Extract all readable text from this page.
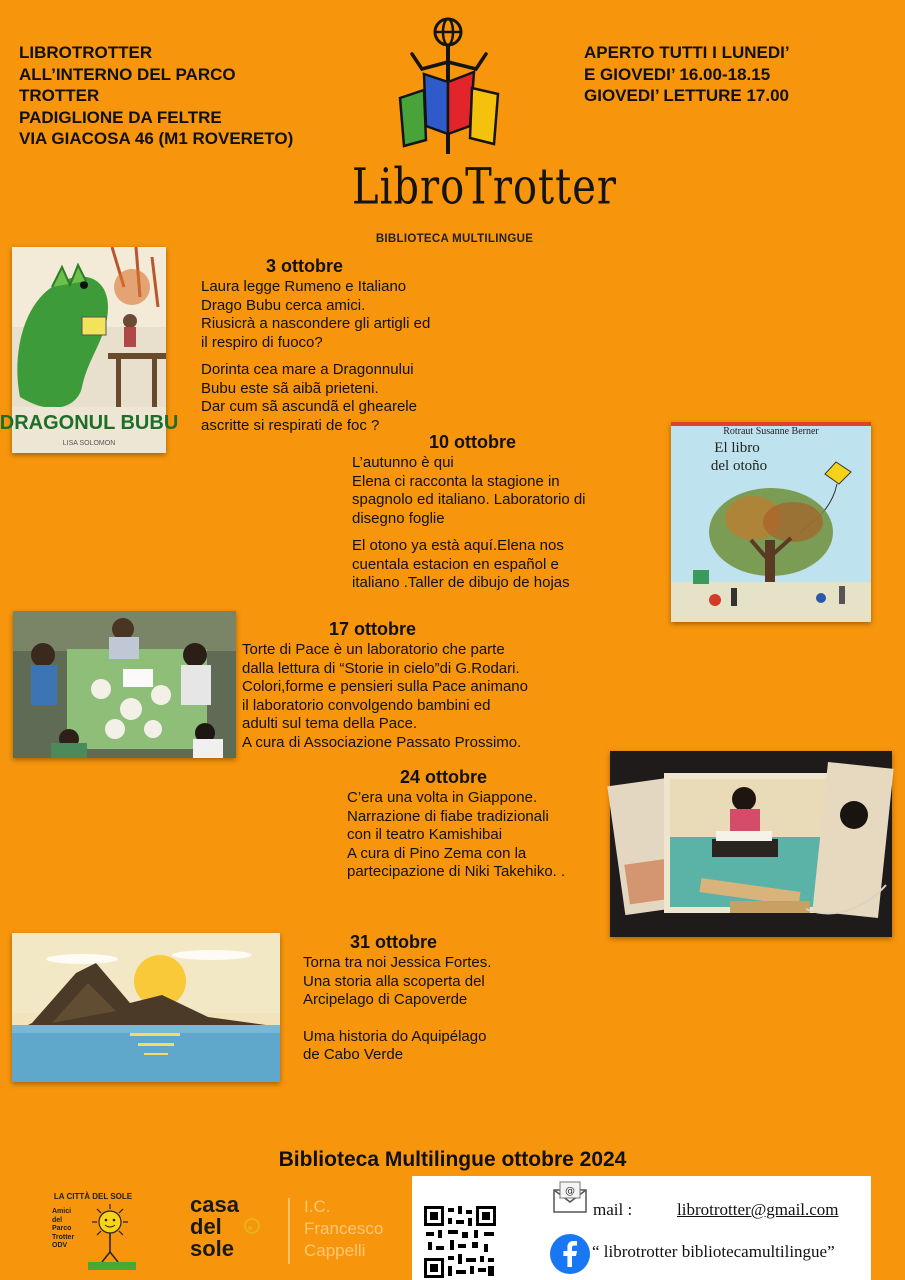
LIBROTROTTER
ALL’INTERNO DEL PARCO
TROTTER
PADIGLIONE DA FELTRE
VIA GIACOSA 46 (M1 ROVERETO)
APERTO TUTTI I LUNEDI’
E GIOVEDI’ 16.00-18.15
GIOVEDI’ LETTURE 17.00
LibroTrotter
BIBLIOTECA MULTILINGUE
DRAGONUL BUBU
LISA SOLOMON
3 ottobre
Laura legge Rumeno e Italiano
Drago Bubu cerca amici.
Riusicrà a nascondere gli artigli ed
il respiro di fuoco?
Dorinta cea mare a Dragonnului
Bubu este sã aibã prieteni.
Dar cum sã ascundã el ghearele
ascritte si respirati de foc ?
10 ottobre
L’autunno è qui
Elena ci racconta la stagione in
spagnolo ed italiano. Laboratorio di
disegno foglie
El otono ya està aquí.Elena nos
cuentala estacion en español e
italiano .Taller de dibujo de hojas
Rotraut Susanne Berner
El libro
del otoño
17 ottobre
Torte di Pace è un laboratorio che parte
dalla lettura di “Storie in cielo”di G.Rodari.
Colori,forme e pensieri sulla Pace animano
il laboratorio convolgendo bambini ed
adulti sul tema della Pace.
A cura di Associazione Passato Prossimo.
24 ottobre
C’era una volta in Giappone.
Narrazione di fiabe tradizionali
con il teatro Kamishibai
A cura di Pino Zema con la
partecipazione di Niki Takehiko. .
31 ottobre
Torna tra noi Jessica Fortes.
Una storia alla scoperta del
Arcipelago di Capoverde
Uma historia do Aquipélago
de Cabo Verde
Biblioteca Multilingue ottobre 2024
LA CITTÀ DEL SOLE
Amici
del
Parco
Trotter
ODV
casa
del
sole
I.C.
Francesco
Cappelli
@
mail :	librotrotter@gmail.com
“ librotrotter bibliotecamultilingue”
